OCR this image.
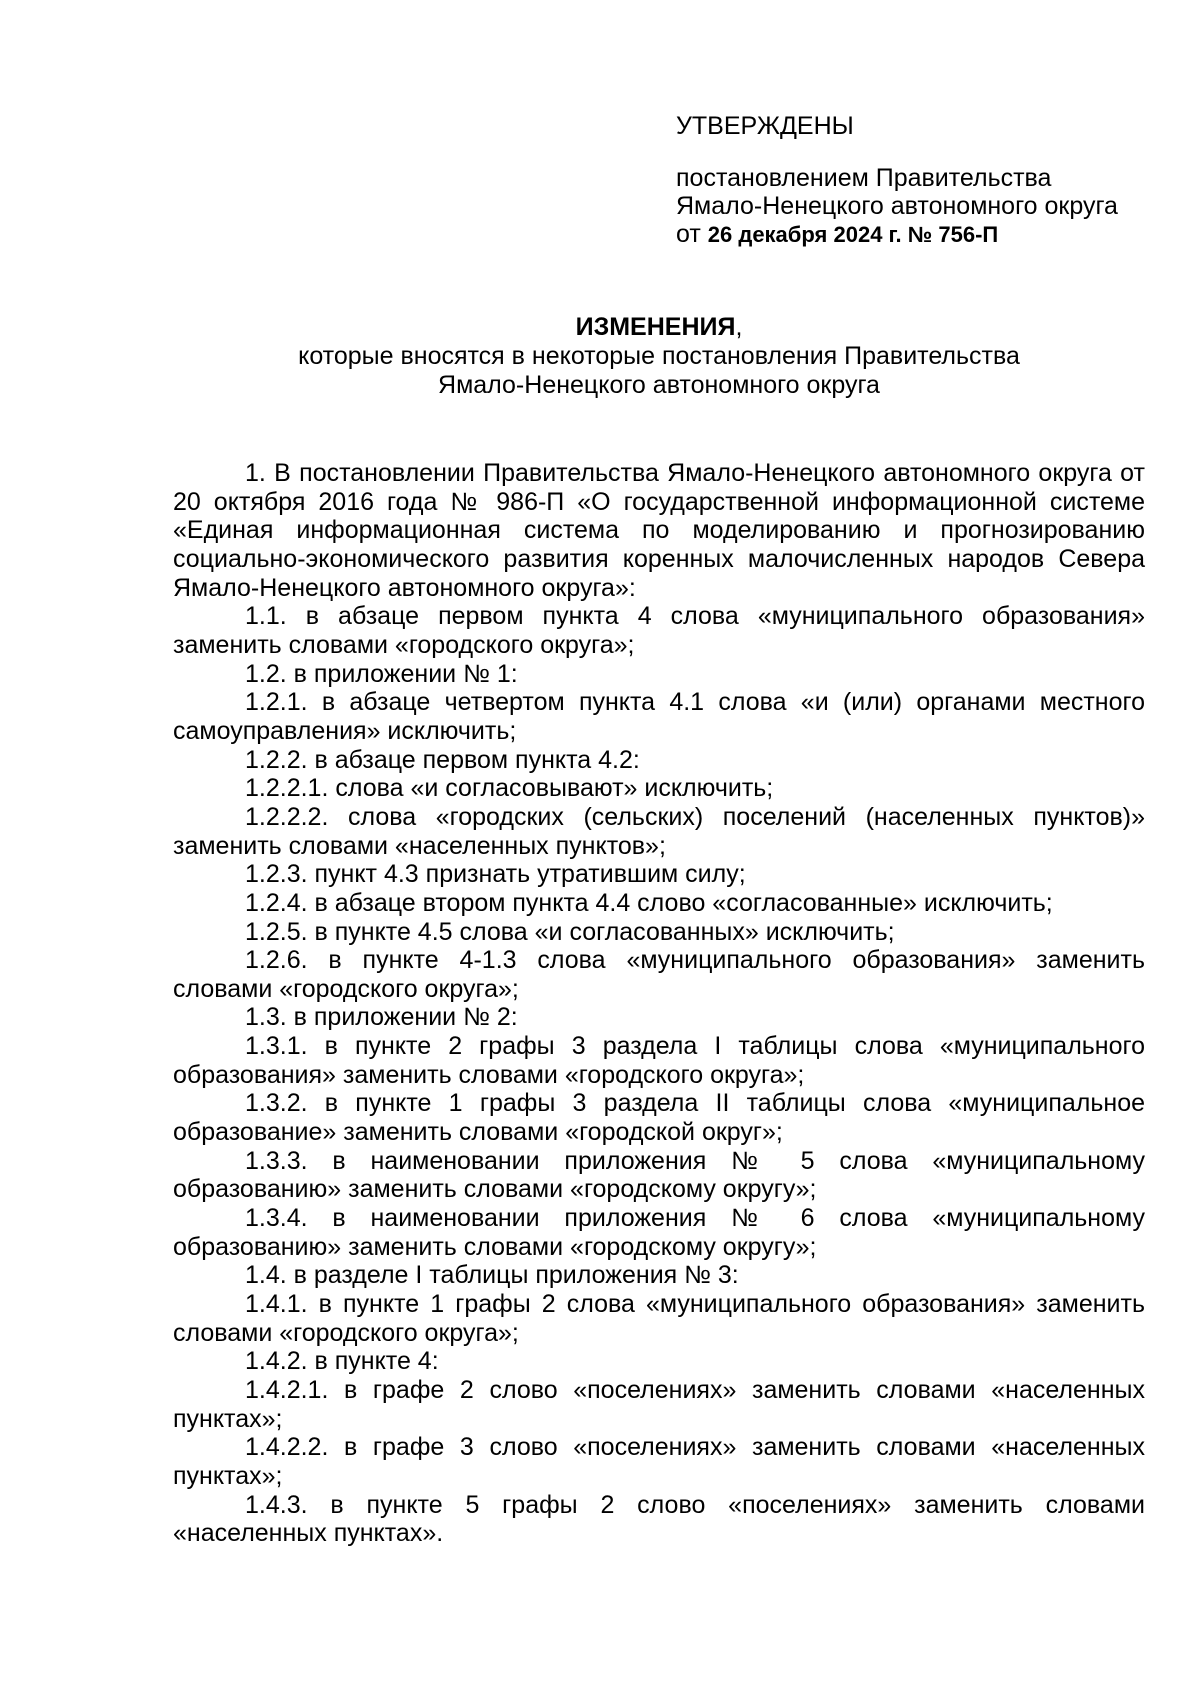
УТВЕРЖДЕНЫ
постановлением Правительства
Ямало-Ненецкого автономного округа
от 26 декабря 2024 г. № 756-П
ИЗМЕНЕНИЯ,
которые вносятся в некоторые постановления Правительства
Ямало-Ненецкого автономного округа

1. В постановлении Правительства Ямало-Ненецкого автономного округа от 20 октября 2016 года № 986-П «О государственной информационной системе «Единая информационная система по моделированию и прогнозированию социально-экономического развития коренных малочисленных народов Севера Ямало-Ненецкого автономного округа»:

1.1. в абзаце первом пункта 4 слова «муниципального образования» заменить словами «городского округа»;

1.2. в приложении № 1:

1.2.1. в абзаце четвертом пункта 4.1 слова «и (или) органами местного самоуправления» исключить;

1.2.2. в абзаце первом пункта 4.2:

1.2.2.1. слова «и согласовывают» исключить;

1.2.2.2. слова «городских (сельских) поселений (населенных пунктов)» заменить словами «населенных пунктов»;

1.2.3. пункт 4.3 признать утратившим силу;

1.2.4. в абзаце втором пункта 4.4 слово «согласованные» исключить;

1.2.5. в пункте 4.5 слова «и согласованных» исключить;

1.2.6. в пункте 4-1.3 слова «муниципального образования» заменить словами «городского округа»;

1.3. в приложении № 2:

1.3.1. в пункте 2 графы 3 раздела I таблицы слова «муниципального образования» заменить словами «городского округа»;

1.3.2. в пункте 1 графы 3 раздела II таблицы слова «муниципальное образование» заменить словами «городской округ»;

1.3.3. в наименовании приложения № 5 слова «муниципальному образованию» заменить словами «городскому округу»;

1.3.4. в наименовании приложения № 6 слова «муниципальному образованию» заменить словами «городскому округу»;

1.4. в разделе I таблицы приложения № 3:

1.4.1. в пункте 1 графы 2 слова «муниципального образования» заменить словами «городского округа»;

1.4.2. в пункте 4:

1.4.2.1. в графе 2 слово «поселениях» заменить словами «населенных пунктах»;

1.4.2.2. в графе 3 слово «поселениях» заменить словами «населенных пунктах»;

1.4.3. в пункте 5 графы 2 слово «поселениях» заменить словами «населенных пунктах».
